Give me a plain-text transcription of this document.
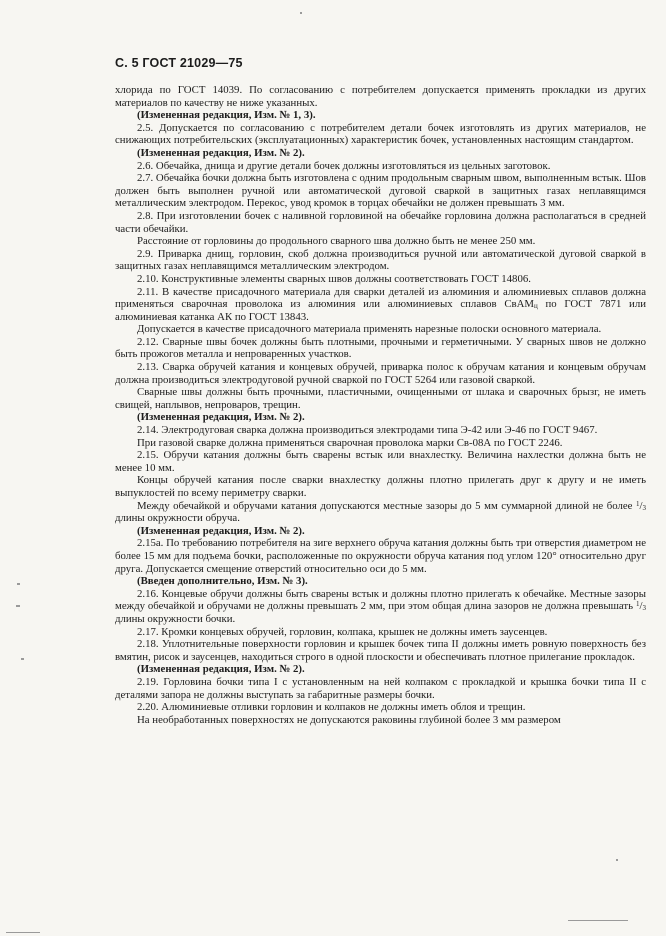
С. 5 ГОСТ 21029—75

хлорида по ГОСТ 14039. По согласованию с потребителем допускается применять прокладки из других материалов по качеству не ниже указанных.

(Измененная редакция, Изм. № 1, 3).

2.5. Допускается по согласованию с потребителем детали бочек изготовлять из других материалов, не снижающих потребительских (эксплуатационных) характеристик бочек, установленных настоящим стандартом.

(Измененная редакция, Изм. № 2).

2.6. Обечайка, днища и другие детали бочек должны изготовляться из цельных заготовок.

2.7. Обечайка бочки должна быть изготовлена с одним продольным сварным швом, выполненным встык. Шов должен быть выполнен ручной или автоматической дуговой сваркой в защитных газах неплавящимся металлическим электродом. Перекос, увод кромок в торцах обечайки не должен превышать 3 мм.

2.8. При изготовлении бочек с наливной горловиной на обечайке горловина должна располагаться в средней части обечайки.

Расстояние от горловины до продольного сварного шва должно быть не менее 250 мм.

2.9. Приварка днищ, горловин, скоб должна производиться ручной или автоматической дуговой сваркой в защитных газах неплавящимся металлическим электродом.

2.10. Конструктивные элементы сварных швов должны соответствовать ГОСТ 14806.

2.11. В качестве присадочного материала для сварки деталей из алюминия и алюминиевых сплавов должна применяться сварочная проволока из алюминия или алюминиевых сплавов СвАМ$_ц$ по ГОСТ 7871 или алюминиевая катанка АК по ГОСТ 13843.

Допускается в качестве присадочного материала применять нарезные полоски основного материала.

2.12. Сварные швы бочек должны быть плотными, прочными и герметичными. У сварных швов не должно быть прожогов металла и непроваренных участков.

2.13. Сварка обручей катания и концевых обручей, приварка полос к обручам катания и концевым обручам должна производиться электродуговой ручной сваркой по ГОСТ 5264 или газовой сваркой.

Сварные швы должны быть прочными, пластичными, очищенными от шлака и сварочных брызг, не иметь свищей, наплывов, непроваров, трещин.

(Измененная редакция, Изм. № 2).

2.14. Электродуговая сварка должна производиться электродами типа Э-42 или Э-46 по ГОСТ 9467.

При газовой сварке должна применяться сварочная проволока марки Св-08А по ГОСТ 2246.

2.15. Обручи катания должны быть сварены встык или внахлестку. Величина нахлестки должна быть не менее 10 мм.

Концы обручей катания после сварки внахлестку должны плотно прилегать друг к другу и не иметь выпуклостей по всему периметру сварки.

Между обечайкой и обручами катания допускаются местные зазоры до 5 мм суммарной длиной не более $^1/_3$ длины окружности обруча.

(Измененная редакция, Изм. № 2).

2.15а. По требованию потребителя на зиге верхнего обруча катания должны быть три отверстия диаметром не более 15 мм для подъема бочки, расположенные по окружности обруча катания под углом 120° относительно друг друга. Допускается смещение отверстий относительно оси до 5 мм.

(Введен дополнительно, Изм. № 3).

2.16. Концевые обручи должны быть сварены встык и должны плотно прилегать к обечайке. Местные зазоры между обечайкой и обручами не должны превышать 2 мм, при этом общая длина зазоров не должна превышать $^1/_3$ длины окружности бочки.

2.17. Кромки концевых обручей, горловин, колпака, крышек не должны иметь заусенцев.

2.18. Уплотнительные поверхности горловин и крышек бочек типа II должны иметь ровную поверхность без вмятин, рисок и заусенцев, находиться строго в одной плоскости и обеспечивать плотное прилегание прокладок.

(Измененная редакция, Изм. № 2).

2.19. Горловина бочки типа I с установленным на ней колпаком с прокладкой и крышка бочки типа II с деталями запора не должны выступать за габаритные размеры бочки.

2.20. Алюминиевые отливки горловин и колпаков не должны иметь облоя и трещин.

На необработанных поверхностях не допускаются раковины глубиной более 3 мм размером
